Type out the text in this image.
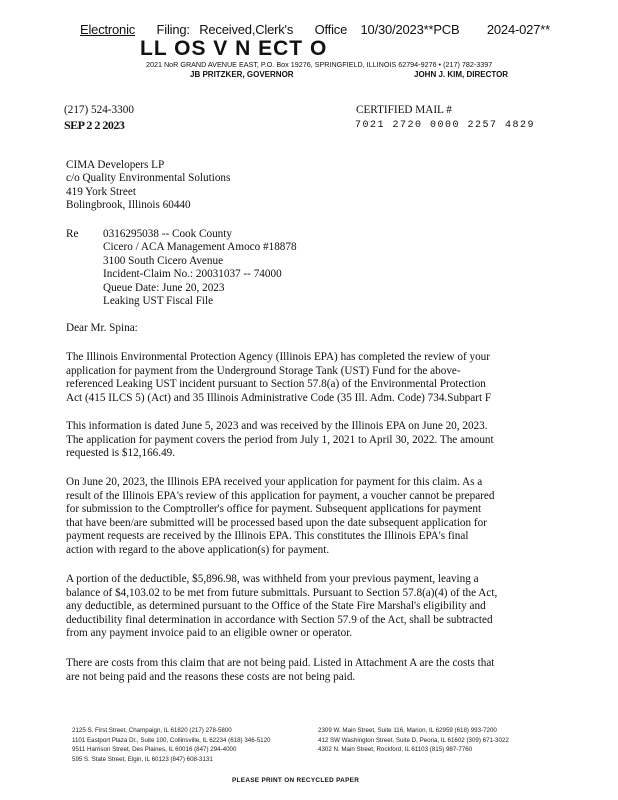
Electronic Filing: Received,Clerk's Office 10/30/2023**PCB 2024-027**
LL OS V N ECT O
2021 NoR GRAND AVENUE EAST, P.O. Box 19276, SPRINGFIELD, ILLINOIS 62794-9276 • (217) 782-3397
JB PRITZKER, GOVERNOR	JOHN J. KIM, DIRECTOR
(217) 524-3300
SEP 2 2 2023
CERTIFIED MAIL #
7021 2720 0000 2257 4829
CIMA Developers LP
c/o Quality Environmental Solutions
419 York Street
Bolingbrook, Illinois 60440
Re 0316295038 -- Cook County
Cicero / ACA Management Amoco #18878
3100 South Cicero Avenue
Incident-Claim No.: 20031037 -- 74000
Queue Date: June 20, 2023
Leaking UST Fiscal File
Dear Mr. Spina:
The Illinois Environmental Protection Agency (Illinois EPA) has completed the review of your
application for payment from the Underground Storage Tank (UST) Fund for the above-
referenced Leaking UST incident pursuant to Section 57.8(a) of the Environmental Protection
Act (415 ILCS 5) (Act) and 35 Illinois Administrative Code (35 Ill. Adm. Code) 734.Subpart F
This information is dated June 5, 2023 and was received by the Illinois EPA on June 20, 2023.
The application for payment covers the period from July 1, 2021 to April 30, 2022. The amount
requested is $12,166.49.
On June 20, 2023, the Illinois EPA received your application for payment for this claim. As a
result of the Illinois EPA's review of this application for payment, a voucher cannot be prepared
for submission to the Comptroller's office for payment. Subsequent applications for payment
that have been/are submitted will be processed based upon the date subsequent application for
payment requests are received by the Illinois EPA. This constitutes the Illinois EPA's final
action with regard to the above application(s) for payment.
A portion of the deductible, $5,896.98, was withheld from your previous payment, leaving a
balance of $4,103.02 to be met from future submittals. Pursuant to Section 57.8(a)(4) of the Act,
any deductible, as determined pursuant to the Office of the State Fire Marshal's eligibility and
deductibility final determination in accordance with Section 57.9 of the Act, shall be subtracted
from any payment invoice paid to an eligible owner or operator.
There are costs from this claim that are not being paid. Listed in Attachment A are the costs that
are not being paid and the reasons these costs are not being paid.
2125 S. First Street, Champaign, IL 61820 (217) 278-5800
1101 Eastport Plaza Dr., Suite 100, Collinsville, IL 62234 (618) 346-5120
9511 Harrison Street, Des Plaines, IL 60016 (847) 294-4000
595 S. State Street, Elgin, IL 60123 (847) 608-3131
2309 W. Main Street, Suite 116, Marion, IL 62959 (618) 993-7200
412 SW Washington Street, Suite D, Peoria, IL 61602 (309) 671-3022
4302 N. Main Street, Rockford, IL 61103 (815) 987-7760
PLEASE PRINT ON RECYCLED PAPER
